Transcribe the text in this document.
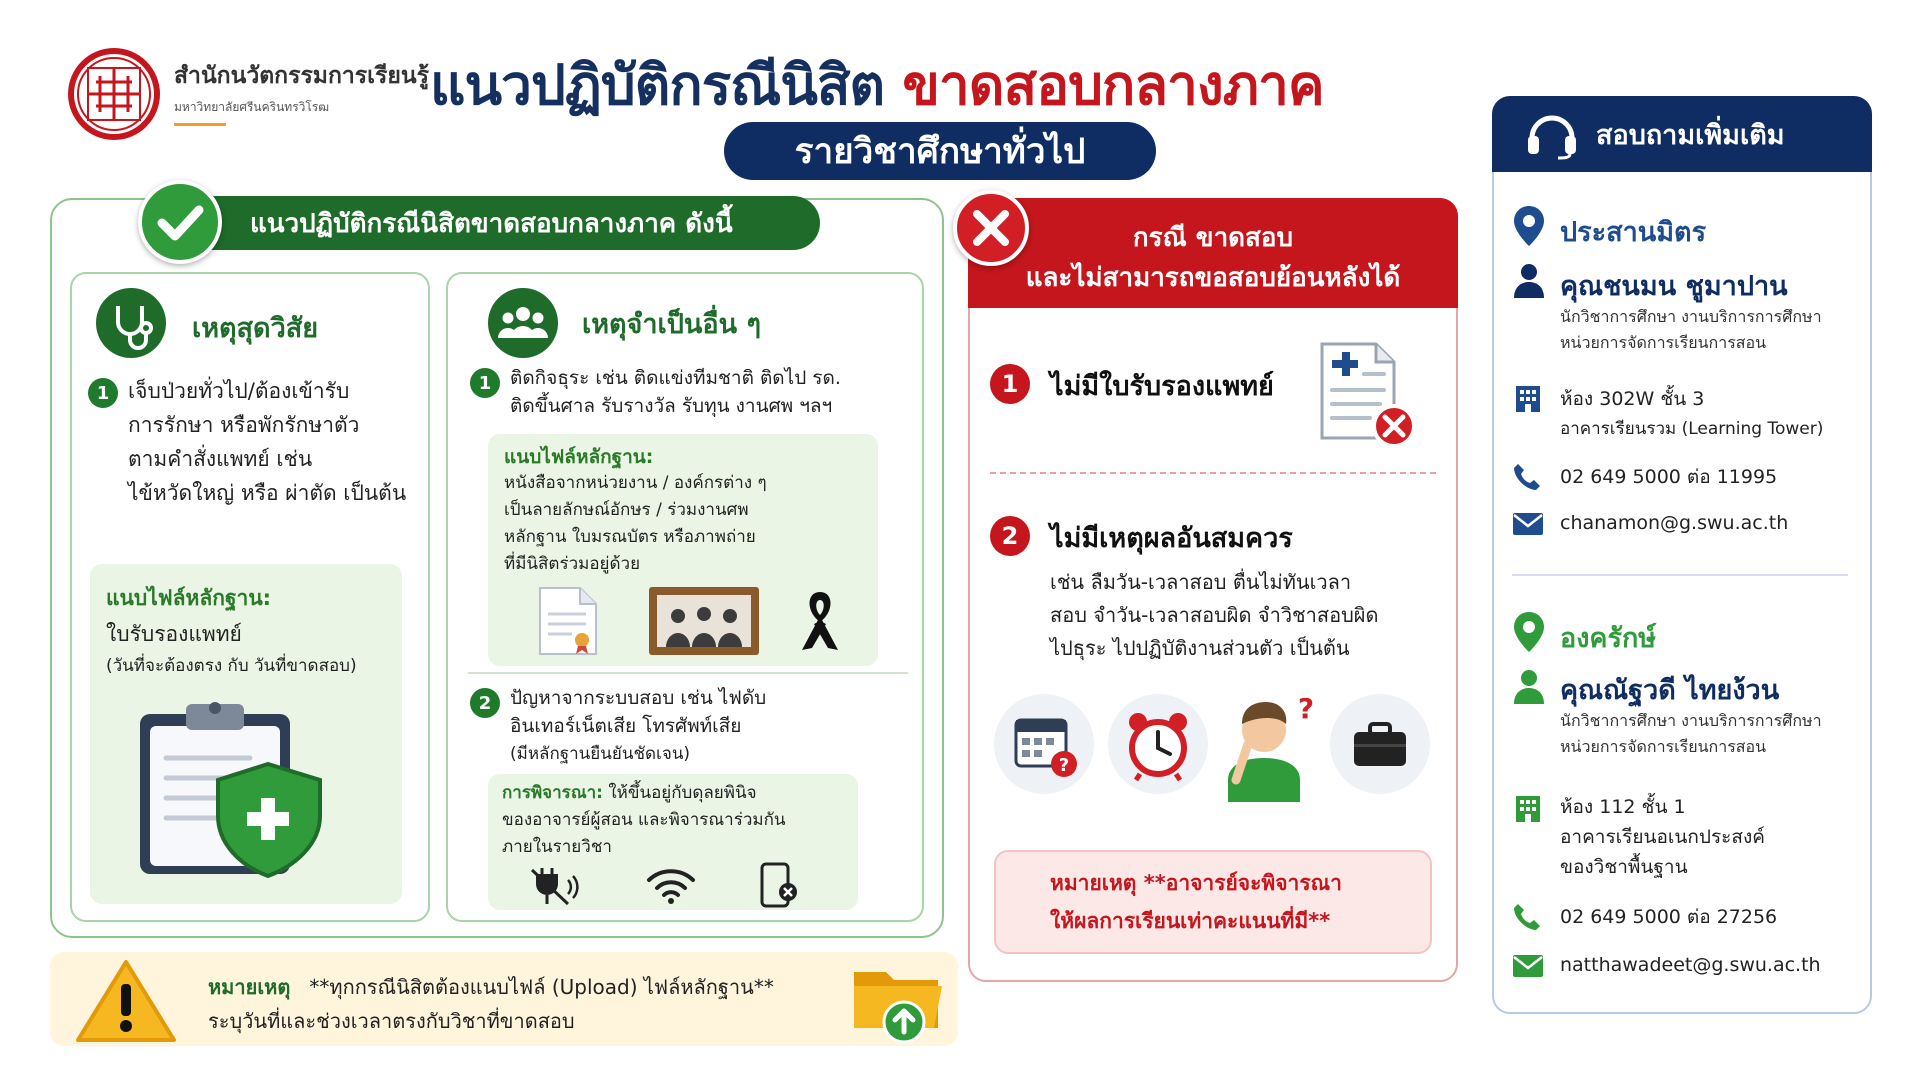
สำนักนวัตกรรมการเรียนรู้
มหาวิทยาลัยศรีนครินทรวิโรฒ	แนวปฏิบัติกรณีนิสิต ขาดสอบกลางภาค
รายวิชาศึกษาทั่วไป
แนวปฏิบัติกรณีนิสิตขาดสอบกลางภาค ดังนี้
เหตุสุดวิสัย
1 เจ็บป่วยทั่วไป/ต้องเข้ารับ
การรักษา หรือพักรักษาตัว
ตามคำสั่งแพทย์ เช่น
ไข้หวัดใหญ่ หรือ ผ่าตัด เป็นต้น
แนบไฟล์หลักฐาน:
ใบรับรองแพทย์
(วันที่จะต้องตรง กับ วันที่ขาดสอบ)
เหตุจำเป็นอื่น ๆ
1 ติดกิจธุระ เช่น ติดแข่งทีมชาติ ติดไป รด.
ติดขึ้นศาล รับรางวัล รับทุน งานศพ ฯลฯ
แนบไฟล์หลักฐาน:
หนังสือจากหน่วยงาน / องค์กรต่าง ๆ
เป็นลายลักษณ์อักษร / ร่วมงานศพ
หลักฐาน ใบมรณบัตร หรือภาพถ่าย
ที่มีนิสิตร่วมอยู่ด้วย
2 ปัญหาจากระบบสอบ เช่น ไฟดับ
อินเทอร์เน็ตเสีย โทรศัพท์เสีย
(มีหลักฐานยืนยันชัดเจน)
การพิจารณา: ให้ขึ้นอยู่กับดุลยพินิจ
ของอาจารย์ผู้สอน และพิจารณาร่วมกัน
ภายในรายวิชา
กรณี ขาดสอบ
และไม่สามารถขอสอบย้อนหลังได้
1	ไม่มีใบรับรองแพทย์
2	ไม่มีเหตุผลอันสมควร
เช่น ลืมวัน-เวลาสอบ ตื่นไม่ทันเวลา
สอบ จำวัน-เวลาสอบผิด จำวิชาสอบผิด
ไปธุระ ไปปฏิบัติงานส่วนตัว เป็นต้น
?
?
หมายเหตุ **อาจารย์จะพิจารณา
ให้ผลการเรียนเท่าคะแนนที่มี**
หมายเหตุ **ทุกกรณีนิสิตต้องแนบไฟล์ (Upload) ไฟล์หลักฐาน**
ระบุวันที่และช่วงเวลาตรงกับวิชาที่ขาดสอบ
สอบถามเพิ่มเติม
ประสานมิตร
คุณชนมน ชูมาปาน
นักวิชาการศึกษา งานบริการการศึกษา
หน่วยการจัดการเรียนการสอน
ห้อง 302W ชั้น 3
อาคารเรียนรวม (Learning Tower)
02 649 5000 ต่อ 11995
chanamon@g.swu.ac.th
องครักษ์
คุณณัฐวดี ไทยง้วน
นักวิชาการศึกษา งานบริการการศึกษา
หน่วยการจัดการเรียนการสอน
ห้อง 112 ชั้น 1
อาคารเรียนอเนกประสงค์
ของวิชาพื้นฐาน
02 649 5000 ต่อ 27256
natthawadeet@g.swu.ac.th
